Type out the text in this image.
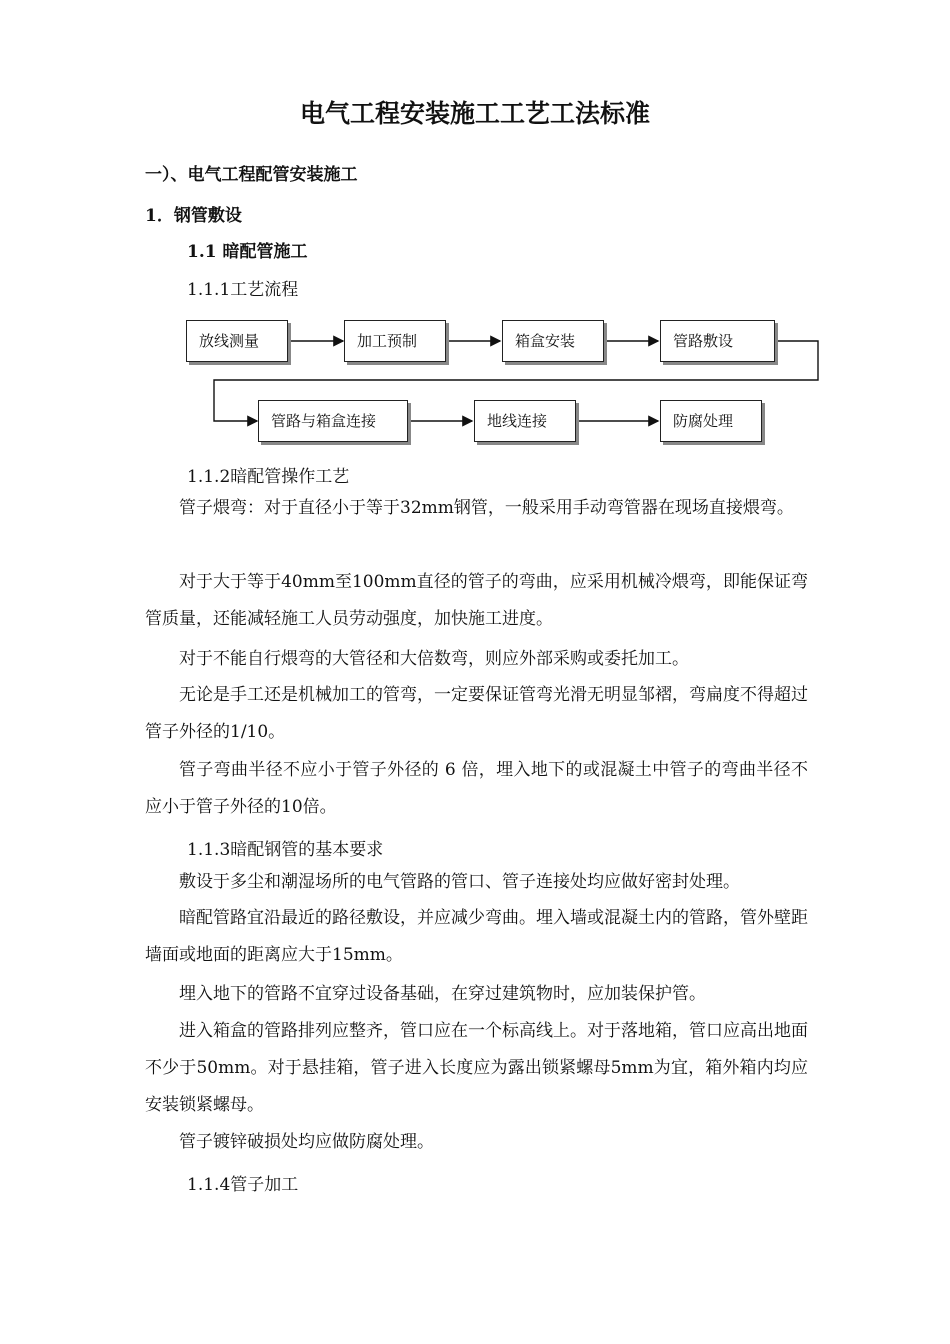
电气工程安装施工工艺工法标准
一）、电气工程配管安装施工
1．钢管敷设
1.1 暗配管施工
1.1.1工艺流程
放线测量	加工预制	箱盒安装	管路敷设
管路与箱盒连接	地线连接	防腐处理
1.1.2暗配管操作工艺
管子煨弯：对于直径小于等于32mm钢管，一般采用手动弯管器在现场直接煨弯。
对于大于等于40mm至100mm直径的管子的弯曲，应采用机械冷煨弯，即能保证弯管质量，还能减轻施工人员劳动强度，加快施工进度。
对于不能自行煨弯的大管径和大倍数弯，则应外部采购或委托加工。
无论是手工还是机械加工的管弯，一定要保证管弯光滑无明显邹褶，弯扁度不得超过管子外径的1/10。
管子弯曲半径不应小于管子外径的 6 倍，埋入地下的或混凝土中管子的弯曲半径不应小于管子外径的10倍。
1.1.3暗配钢管的基本要求
敷设于多尘和潮湿场所的电气管路的管口、管子连接处均应做好密封处理。
暗配管路宜沿最近的路径敷设，并应减少弯曲。埋入墙或混凝土内的管路，管外壁距墙面或地面的距离应大于15mm。
埋入地下的管路不宜穿过设备基础，在穿过建筑物时，应加装保护管。
进入箱盒的管路排列应整齐，管口应在一个标高线上。对于落地箱，管口应高出地面不少于50mm。对于悬挂箱，管子进入长度应为露出锁紧螺母5mm为宜，箱外箱内均应安装锁紧螺母。
管子镀锌破损处均应做防腐处理。
1.1.4管子加工
